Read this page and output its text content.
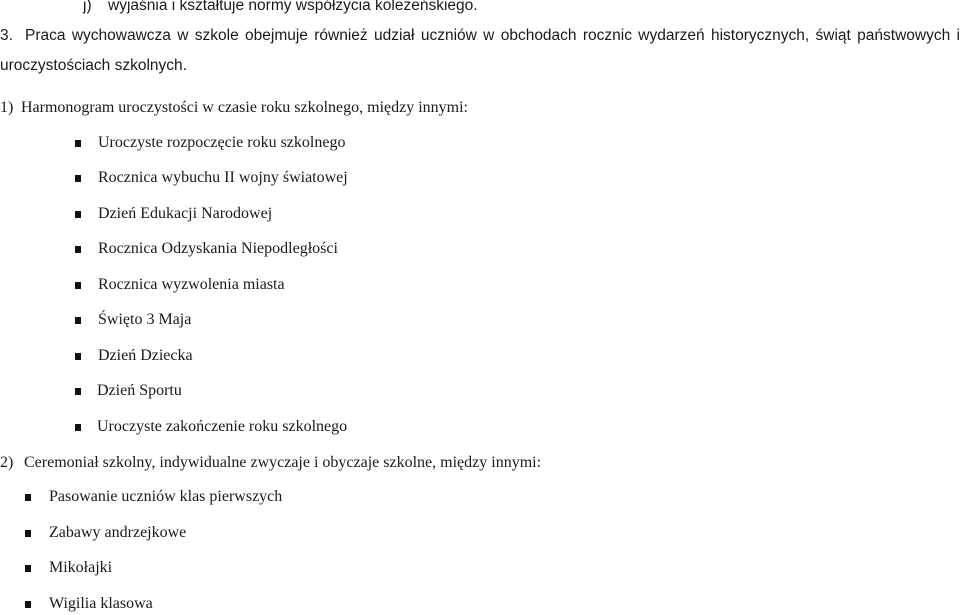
j) wyjaśnia i kształtuje normy współżycia koleżeńskiego.
3. Praca wychowawcza w szkole obejmuje również udział uczniów w obchodach rocznic wydarzeń historycznych, świąt państwowych i
uroczystościach szkolnych.
1) Harmonogram uroczystości w czasie roku szkolnego, między innymi:
Uroczyste rozpoczęcie roku szkolnego
Rocznica wybuchu II wojny światowej
Dzień Edukacji Narodowej
Rocznica Odzyskania Niepodległości
Rocznica wyzwolenia miasta
Święto 3 Maja
Dzień Dziecka
Dzień Sportu
Uroczyste zakończenie roku szkolnego
2) Ceremoniał szkolny, indywidualne zwyczaje i obyczaje szkolne, między innymi:
Pasowanie uczniów klas pierwszych
Zabawy andrzejkowe
Mikołajki
Wigilia klasowa
